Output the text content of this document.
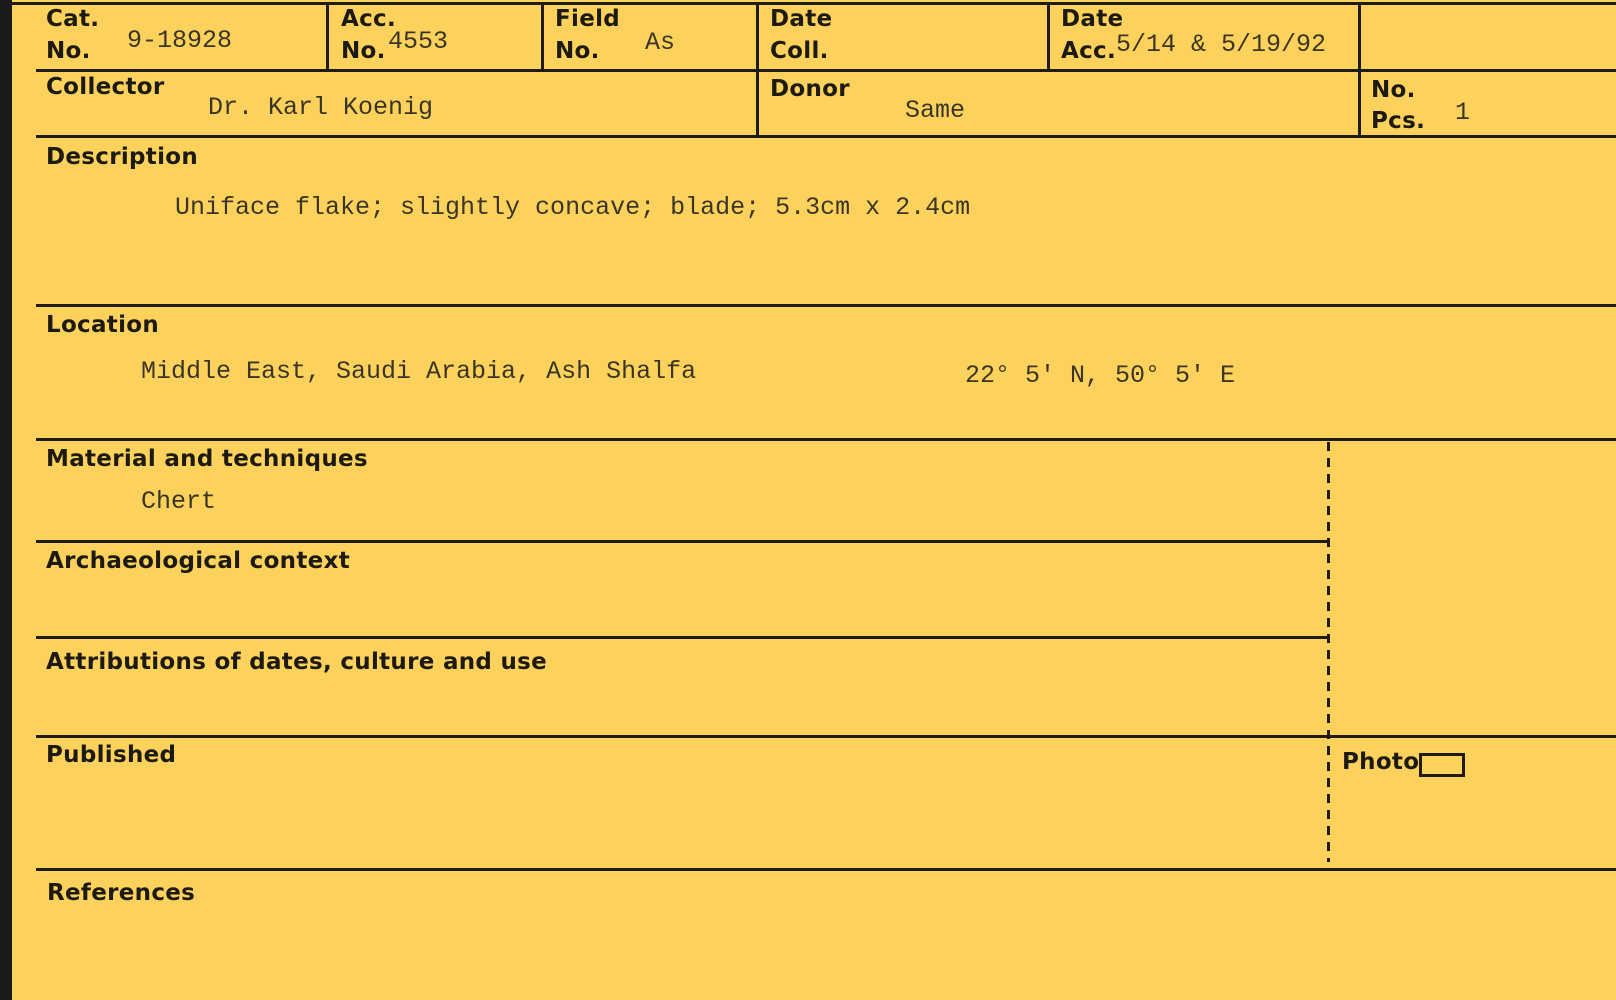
Cat.
No. 9-18928
Acc.
No. 4553
Field
No. As
Date
Coll.
Date
Acc. 5/14 & 5/19/92
Collector
Dr. Karl Koenig
Donor
Same
No.
Pcs. 1
Description
Uniface flake; slightly concave; blade; 5.3cm x 2.4cm
Location
Middle East, Saudi Arabia, Ash Shalfa	22° 5' N, 50° 5' E
Material and techniques
Chert
Archaeological context
Attributions of dates, culture and use
Published	Photo
References
